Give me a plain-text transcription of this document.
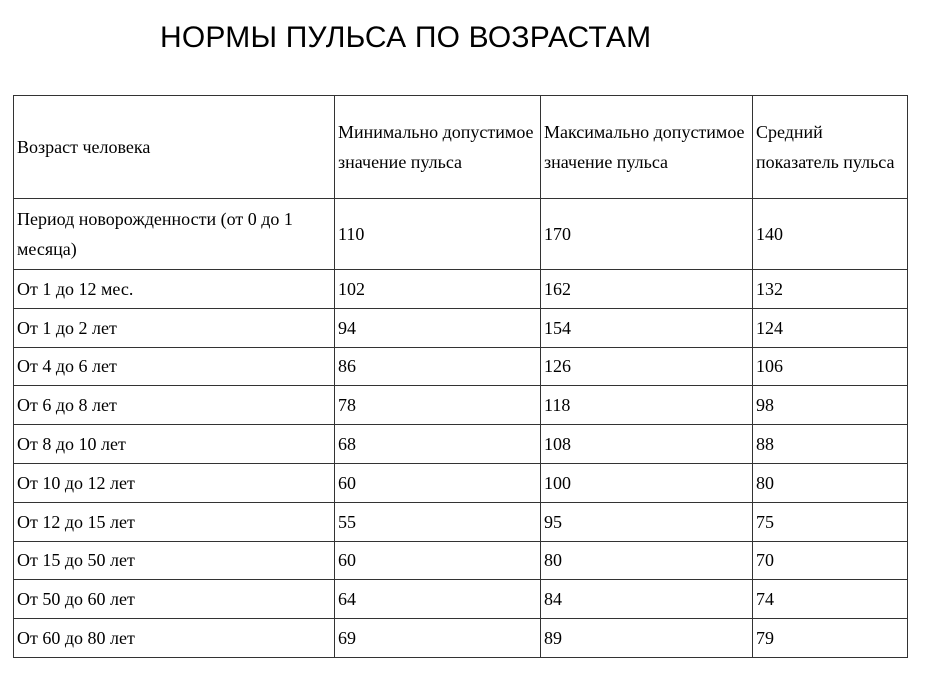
НОРМЫ ПУЛЬСА ПО ВОЗРАСТАМ
Возраст человека	Минимально допустимое значение пульса	Максимально допустимое значение пульса	Средний показатель пульса
Период новорожденности (от 0 до 1 месяца)	110	170	140
От 1 до 12 мес.	102	162	132
От 1 до 2 лет	94	154	124
От 4 до 6 лет	86	126	106
От 6 до 8 лет	78	118	98
От 8 до 10 лет	68	108	88
От 10 до 12 лет	60	100	80
От 12 до 15 лет	55	95	75
От 15 до 50 лет	60	80	70
От 50 до 60 лет	64	84	74
От 60 до 80 лет	69	89	79
